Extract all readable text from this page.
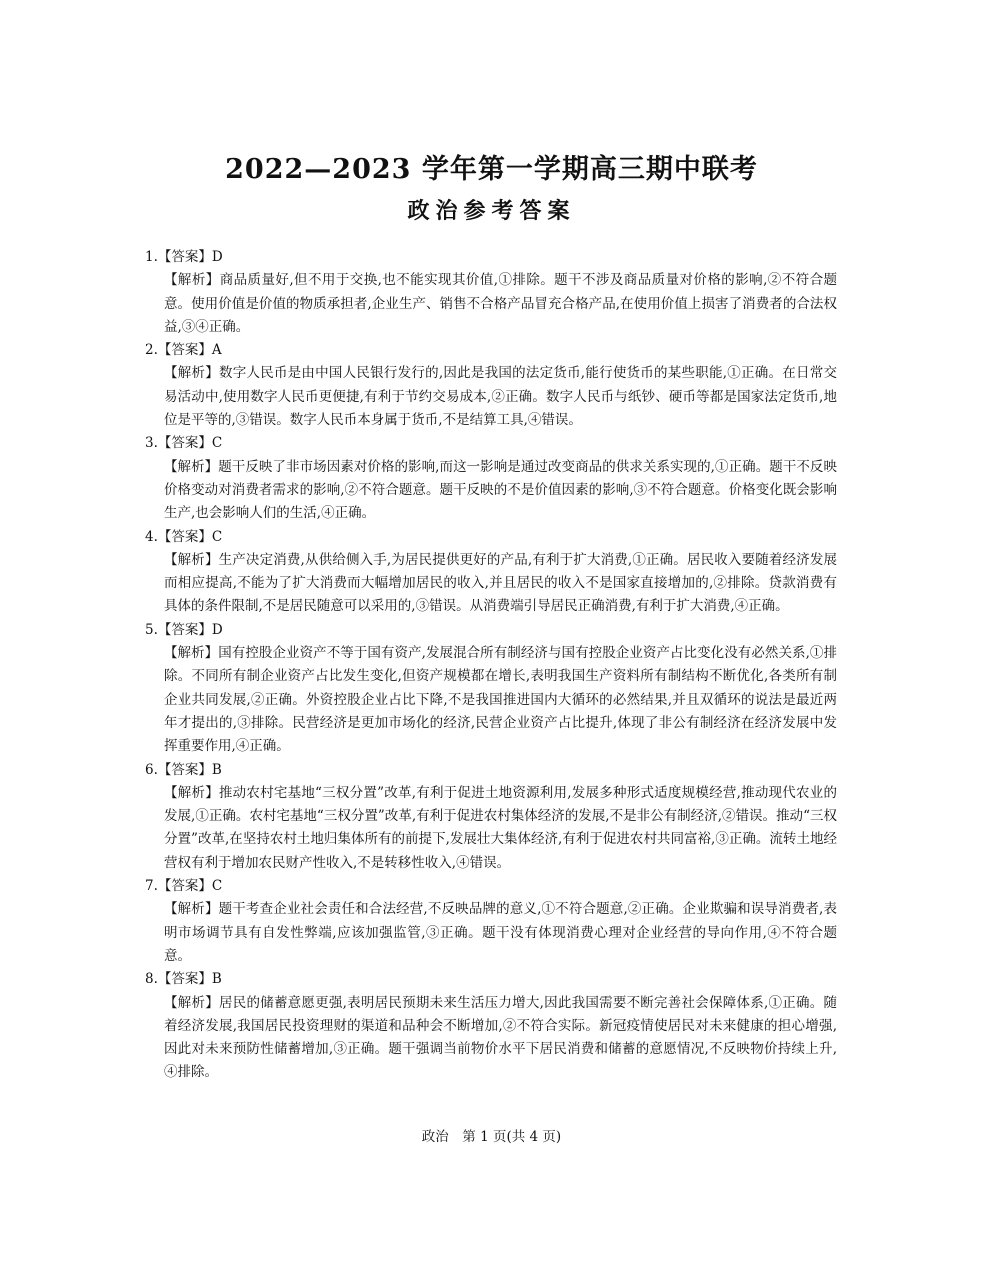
2022—2023 学年第一学期高三期中联考
政治参考答案
1.【答案】D
【解析】商品质量好,但不用于交换,也不能实现其价值,①排除。题干不涉及商品质量对价格的影响,②不符合题意。使用价值是价值的物质承担者,企业生产、销售不合格产品冒充合格产品,在使用价值上损害了消费者的合法权益,③④正确。
2.【答案】A
【解析】数字人民币是由中国人民银行发行的,因此是我国的法定货币,能行使货币的某些职能,①正确。在日常交易活动中,使用数字人民币更便捷,有利于节约交易成本,②正确。数字人民币与纸钞、硬币等都是国家法定货币,地位是平等的,③错误。数字人民币本身属于货币,不是结算工具,④错误。
3.【答案】C
【解析】题干反映了非市场因素对价格的影响,而这一影响是通过改变商品的供求关系实现的,①正确。题干不反映价格变动对消费者需求的影响,②不符合题意。题干反映的不是价值因素的影响,③不符合题意。价格变化既会影响生产,也会影响人们的生活,④正确。
4.【答案】C
【解析】生产决定消费,从供给侧入手,为居民提供更好的产品,有利于扩大消费,①正确。居民收入要随着经济发展而相应提高,不能为了扩大消费而大幅增加居民的收入,并且居民的收入不是国家直接增加的,②排除。贷款消费有具体的条件限制,不是居民随意可以采用的,③错误。从消费端引导居民正确消费,有利于扩大消费,④正确。
5.【答案】D
【解析】国有控股企业资产不等于国有资产,发展混合所有制经济与国有控股企业资产占比变化没有必然关系,①排除。不同所有制企业资产占比发生变化,但资产规模都在增长,表明我国生产资料所有制结构不断优化,各类所有制企业共同发展,②正确。外资控股企业占比下降,不是我国推进国内大循环的必然结果,并且双循环的说法是最近两年才提出的,③排除。民营经济是更加市场化的经济,民营企业资产占比提升,体现了非公有制经济在经济发展中发挥重要作用,④正确。
6.【答案】B
【解析】推动农村宅基地“三权分置”改革,有利于促进土地资源利用,发展多种形式适度规模经营,推动现代农业的发展,①正确。农村宅基地“三权分置”改革,有利于促进农村集体经济的发展,不是非公有制经济,②错误。推动“三权分置”改革,在坚持农村土地归集体所有的前提下,发展壮大集体经济,有利于促进农村共同富裕,③正确。流转土地经营权有利于增加农民财产性收入,不是转移性收入,④错误。
7.【答案】C
【解析】题干考查企业社会责任和合法经营,不反映品牌的意义,①不符合题意,②正确。企业欺骗和误导消费者,表明市场调节具有自发性弊端,应该加强监管,③正确。题干没有体现消费心理对企业经营的导向作用,④不符合题意。
8.【答案】B
【解析】居民的储蓄意愿更强,表明居民预期未来生活压力增大,因此我国需要不断完善社会保障体系,①正确。随着经济发展,我国居民投资理财的渠道和品种会不断增加,②不符合实际。新冠疫情使居民对未来健康的担心增强,因此对未来预防性储蓄增加,③正确。题干强调当前物价水平下居民消费和储蓄的意愿情况,不反映物价持续上升,④排除。
政治　第 1 页(共 4 页)
